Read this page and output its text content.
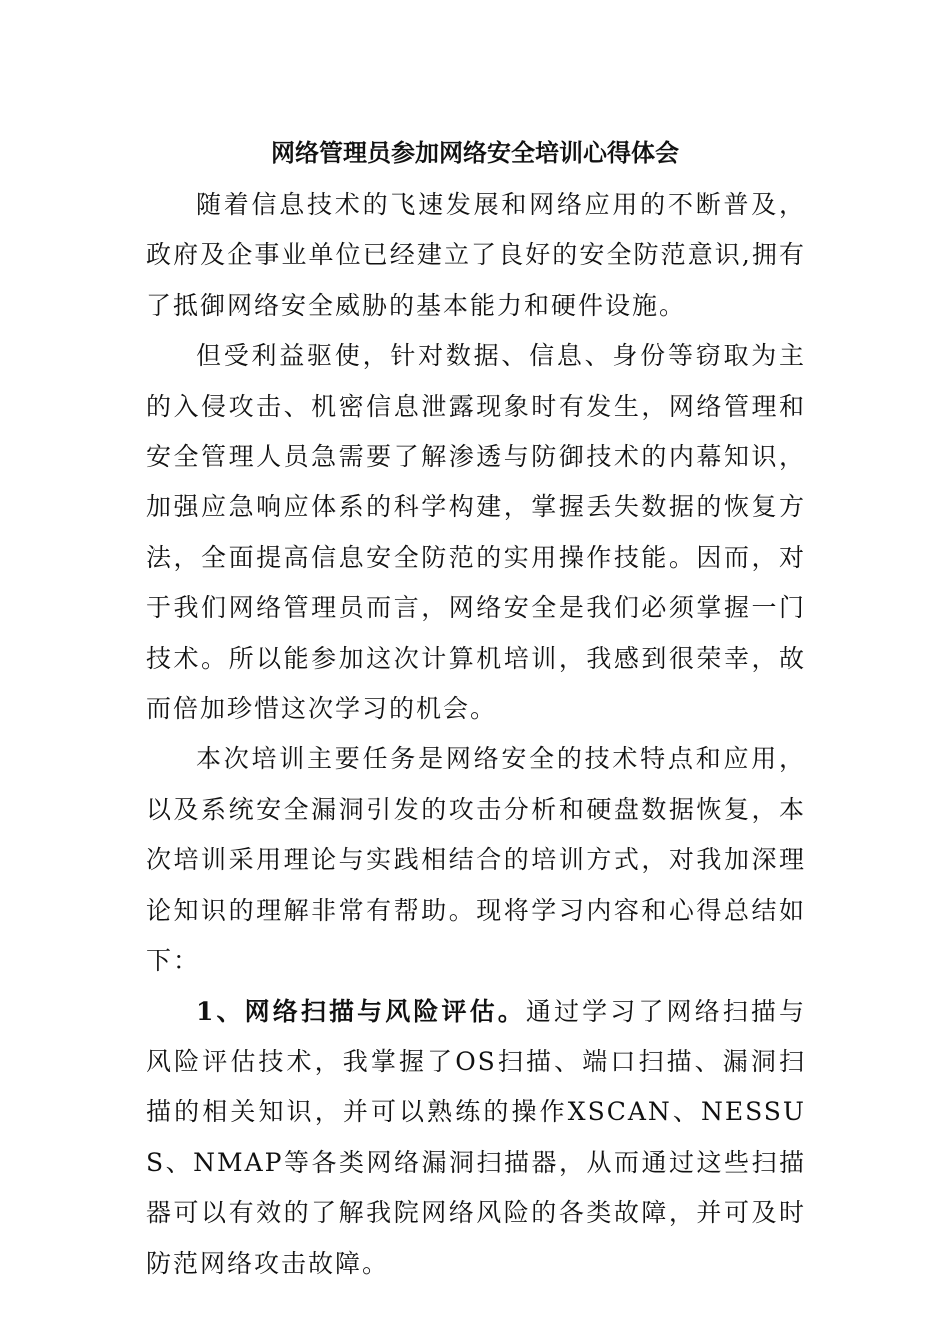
网络管理员参加网络安全培训心得体会

随着信息技术的飞速发展和网络应用的不断普及，政府及企事业单位已经建立了良好的安全防范意识,拥有了抵御网络安全威胁的基本能力和硬件设施。

但受利益驱使，针对数据、信息、身份等窃取为主的入侵攻击、机密信息泄露现象时有发生，网络管理和安全管理人员急需要了解渗透与防御技术的内幕知识，加强应急响应体系的科学构建，掌握丢失数据的恢复方法，全面提高信息安全防范的实用操作技能。因而，对于我们网络管理员而言，网络安全是我们必须掌握一门技术。所以能参加这次计算机培训，我感到很荣幸，故而倍加珍惜这次学习的机会。

本次培训主要任务是网络安全的技术特点和应用，以及系统安全漏洞引发的攻击分析和硬盘数据恢复，本次培训采用理论与实践相结合的培训方式，对我加深理论知识的理解非常有帮助。现将学习内容和心得总结如下：

1、网络扫描与风险评估。通过学习了网络扫描与风险评估技术，我掌握了OS扫描、端口扫描、漏洞扫描的相关知识，并可以熟练的操作XSCAN、NESSUS、NMAP等各类网络漏洞扫描器，从而通过这些扫描器可以有效的了解我院网络风险的各类故障，并可及时防范网络攻击故障。
